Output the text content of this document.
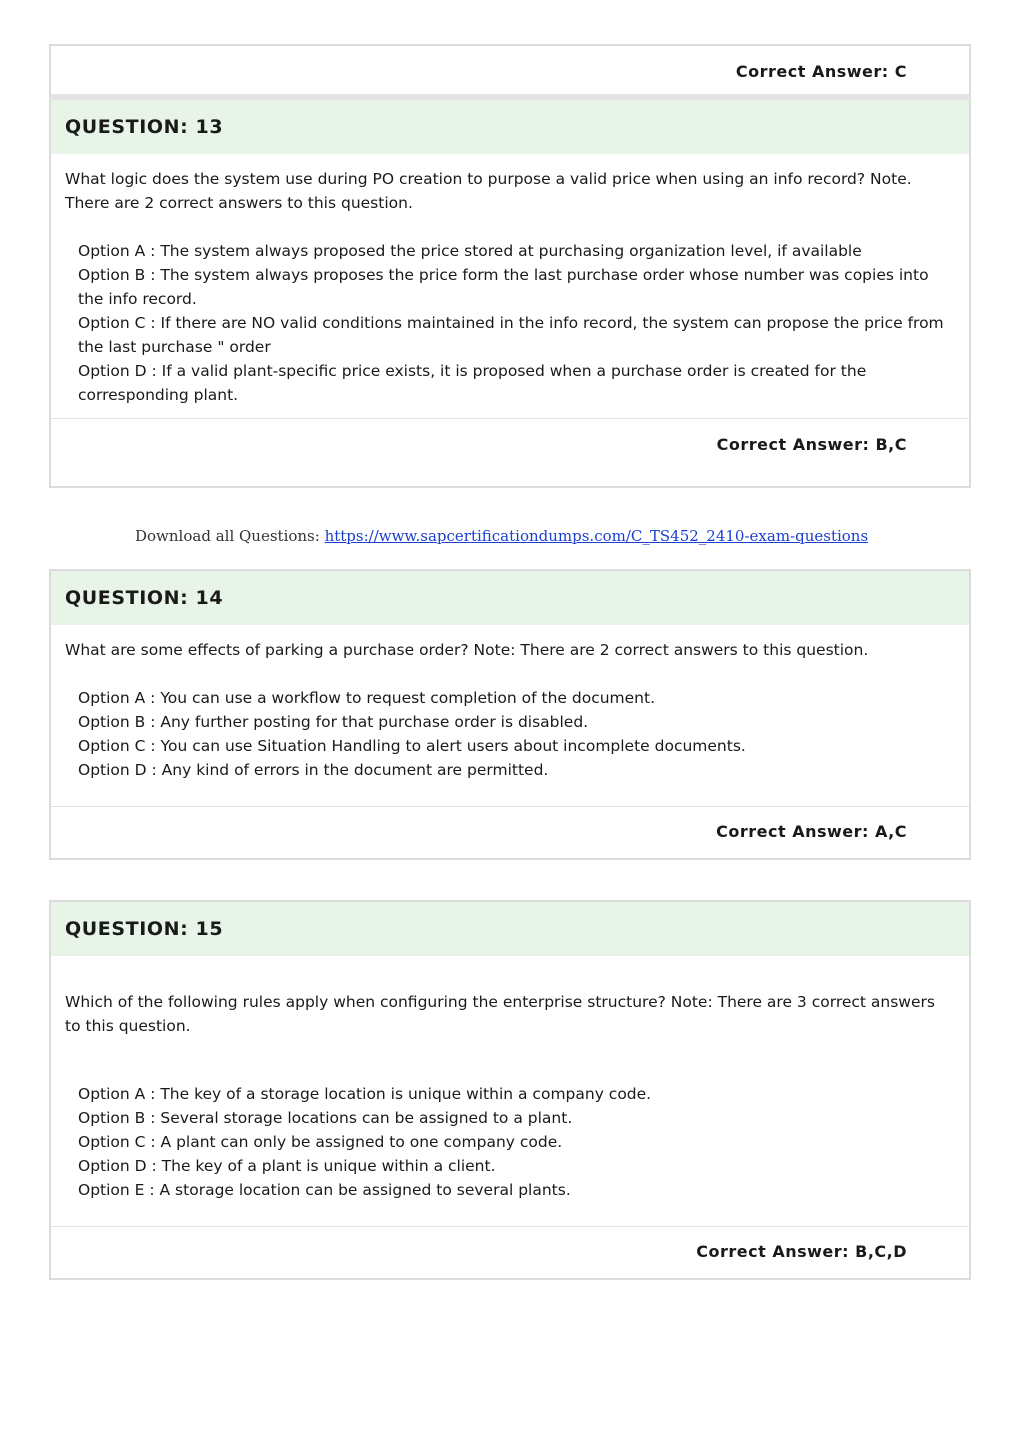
Correct Answer: C
QUESTION: 13

What logic does the system use during PO creation to purpose a valid price when using an info record? Note. There are 2 correct answers to this question.

Option A : The system always proposed the price stored at purchasing organization level, if available

Option B : The system always proposes the price form the last purchase order whose number was copies into the info record.

Option C : If there are NO valid conditions maintained in the info record, the system can propose the price from the last purchase " order

Option D : If a valid plant-specific price exists, it is proposed when a purchase order is created for the corresponding plant.

Correct Answer: B,C
Download all Questions: https://www.sapcertificationdumps.com/C_TS452_2410-exam-questions
QUESTION: 14

What are some effects of parking a purchase order? Note: There are 2 correct answers to this question.

Option A : You can use a workflow to request completion of the document.

Option B : Any further posting for that purchase order is disabled.

Option C : You can use Situation Handling to alert users about incomplete documents.

Option D : Any kind of errors in the document are permitted.

Correct Answer: A,C
QUESTION: 15

Which of the following rules apply when configuring the enterprise structure? Note: There are 3 correct answers to this question.

Option A : The key of a storage location is unique within a company code.

Option B : Several storage locations can be assigned to a plant.

Option C : A plant can only be assigned to one company code.

Option D : The key of a plant is unique within a client.

Option E : A storage location can be assigned to several plants.

Correct Answer: B,C,D
